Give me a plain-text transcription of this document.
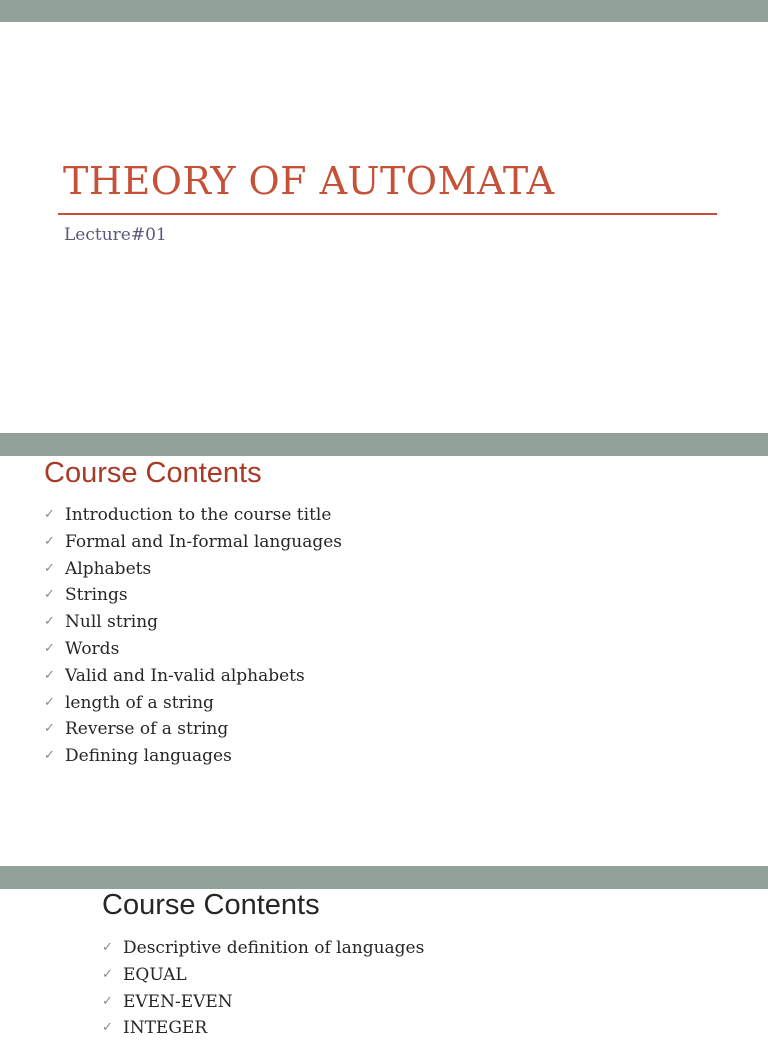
THEORY OF AUTOMATA
Lecture#01
Course Contents
✓ Introduction to the course title
✓ Formal and In-formal languages
✓ Alphabets
✓ Strings
✓ Null string
✓ Words
✓ Valid and In-valid alphabets
✓ length of a string
✓ Reverse of a string
✓ Defining languages
Course Contents
✓ Descriptive definition of languages
✓ EQUAL
✓ EVEN-EVEN
✓ INTEGER
